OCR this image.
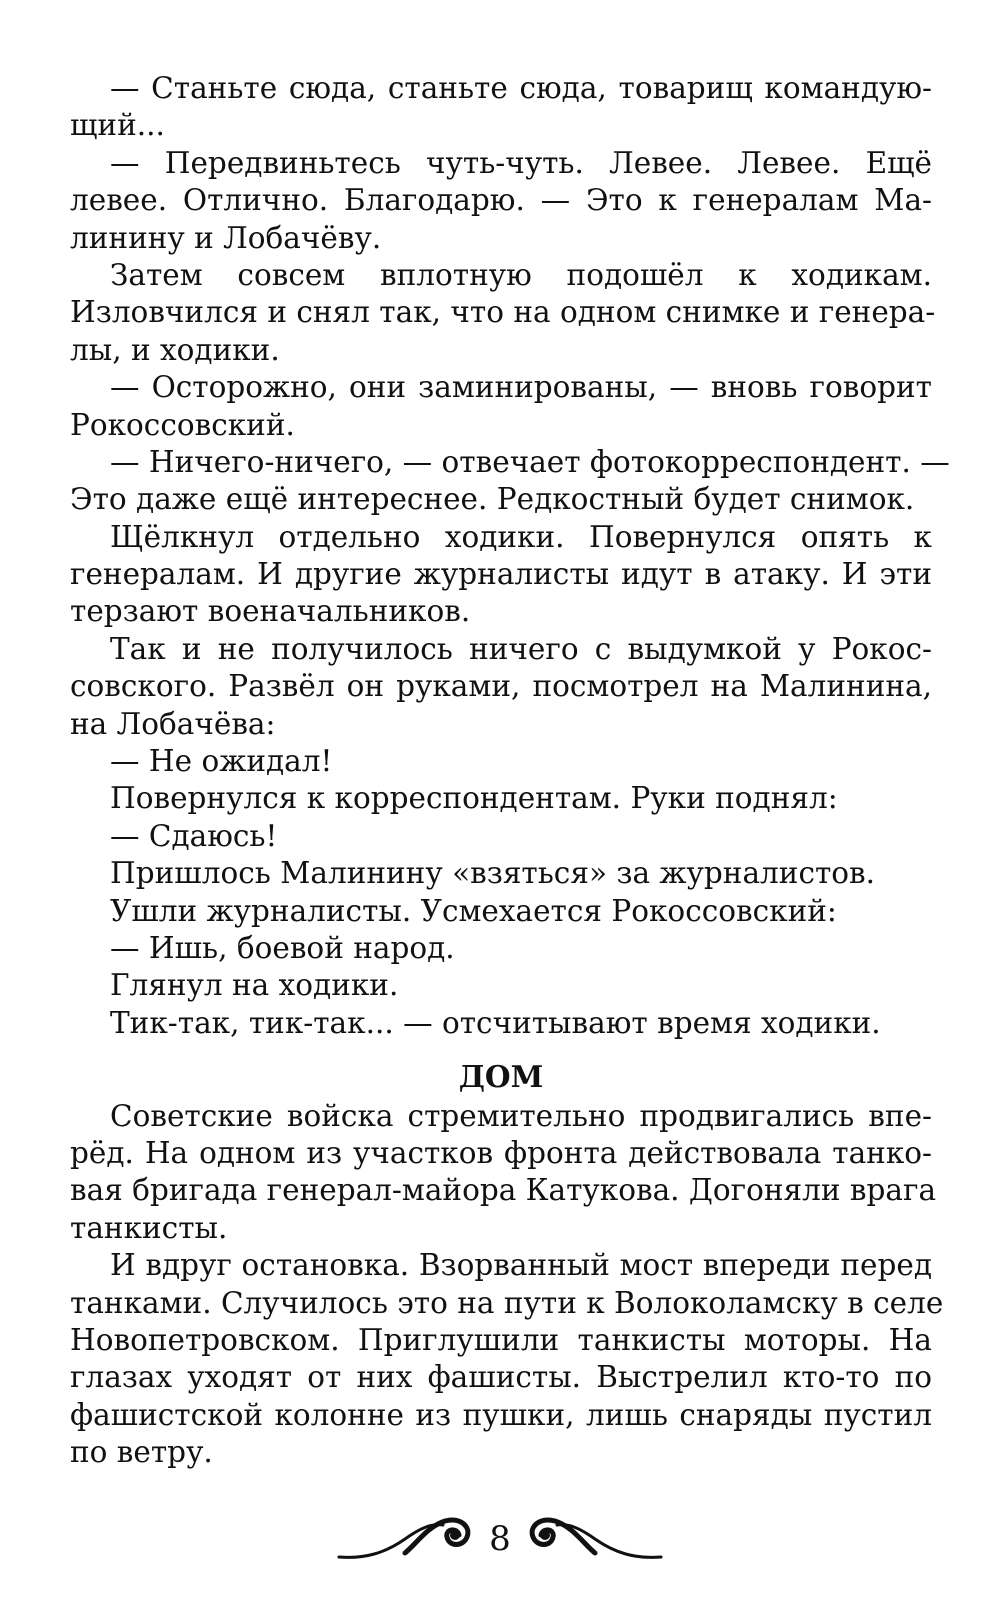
— Станьте сюда, станьте сюда, товарищ командую-
щий...
— Передвиньтесь чуть-чуть. Левее. Левее. Ещё
левее. Отлично. Благодарю. — Это к генералам Ма-
линину и Лобачёву.
Затем совсем вплотную подошёл к ходикам.
Изловчился и снял так, что на одном снимке и генера-
лы, и ходики.
— Осторожно, они заминированы, — вновь говорит
Рокоссовский.
— Ничего-ничего, — отвечает фотокорреспондент. —
Это даже ещё интереснее. Редкостный будет снимок.
Щёлкнул отдельно ходики. Повернулся опять к
генералам. И другие журналисты идут в атаку. И эти
терзают военачальников.
Так и не получилось ничего с выдумкой у Рокос-
совского. Развёл он руками, посмотрел на Малинина,
на Лобачёва:
— Не ожидал!
Повернулся к корреспондентам. Руки поднял:
— Сдаюсь!
Пришлось Малинину «взяться» за журналистов.
Ушли журналисты. Усмехается Рокоссовский:
— Ишь, боевой народ.
Глянул на ходики.
Тик-так, тик-так... — отсчитывают время ходики.
ДОМ
Советские войска стремительно продвигались впе-
рёд. На одном из участков фронта действовала танко-
вая бригада генерал-майора Катукова. Догоняли врага
танкисты.
И вдруг остановка. Взорванный мост впереди перед
танками. Случилось это на пути к Волоколамску в селе
Новопетровском. Приглушили танкисты моторы. На
глазах уходят от них фашисты. Выстрелил кто-то по
фашистской колонне из пушки, лишь снаряды пустил
по ветру.
8
